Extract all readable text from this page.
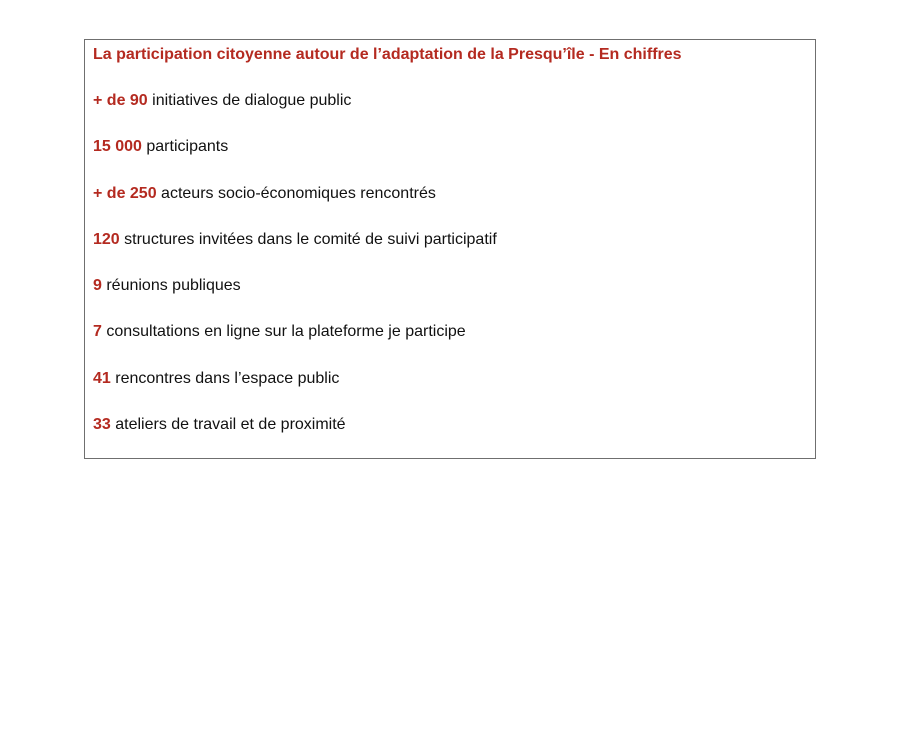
La participation citoyenne autour de l’adaptation de la Presqu’île - En chiffres

+ de 90 initiatives de dialogue public
15 000 participants
+ de 250 acteurs socio-économiques rencontrés
120 structures invitées dans le comité de suivi participatif
9 réunions publiques
7 consultations en ligne sur la plateforme je participe
41 rencontres dans l’espace public
33 ateliers de travail et de proximité
